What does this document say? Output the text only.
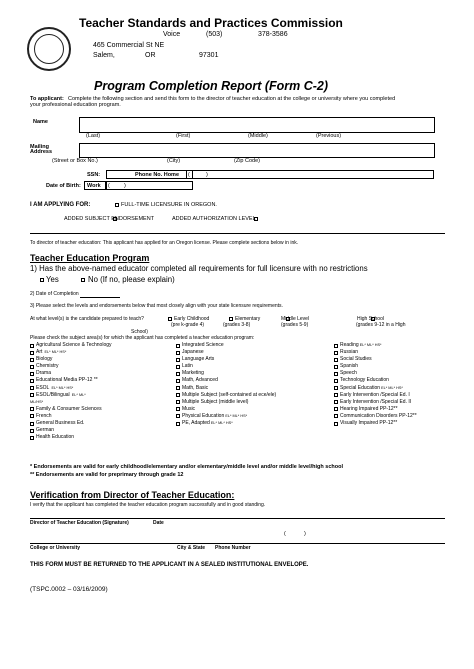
Teacher Standards and Practices Commission
Voice	(503)	378-3586
465 Commercial St NE
Salem,	OR	97301
Program Completion Report (Form C-2)
To applicant: Complete the following section and send this form to the director of teacher education at the college or university where you completed
your professional education program.
Name
(Last)	(First)	(Middle)	(Previous)
Mailing
Address
(Street or Box No.)	(City)	(Zip Code)
SSN:	Phone No. Home (	)
Date of Birth: Work (	)
I AM APPLYING FOR:	FULL-TIME LICENSURE IN OREGON.
ADDED SUBJECT ENDORSEMENT	ADDED AUTHORIZATION LEVEL
To director of teacher education: This applicant has applied for an Oregon license. Please complete sections below in ink.
Teacher Education Program
1) Has the above-named educator completed all requirements for full licensure with no restrictions
Yes	No (If no, please explain)
2) Date of Completion
3) Please select the levels and endorsements below that most closely align with your state licensure requirements.
At what level(s) is the candidate prepared to teach?	Early Childhood
(pre k-grade 4)
Elementary
(grades 3-8)
Middle Level
(grades 5-9)
High School
(grades 9-12 in a High
School)
Please check the subject area(s) for which the applicant has completed a teacher education program:
Agricultural Science & Technology
Art EL* ML* HS*
Biology
Chemistry
Drama
Educational Media PP-12 **
ESOL EL* ML* HS*
ESOL/Bilingual EL* ML*
ML/HS*
Family & Consumer Sciences
French
General Business Ed.
German
Health Education
Integrated Science
Japanese
Language Arts
Latin
Marketing
Math, Advanced
Math, Basic
Multiple Subject (self-contained at ece/ele)
Multiple Subject (middle level)
Music
Physical Education EL* ML* HS*
PE, Adapted EL* ML* HS*
Reading EL* ML* HS*
Russian
Social Studies
Spanish
Speech
Technology Education
Special Education EL* ML* HS*
Early Intervention /Special Ed. I
Early Intervention /Special Ed. II
Hearing Impaired PP-12**
Communication Disorders PP-12**
Visually Impaired PP-12**
* Endorsements are valid for early childhood/elementary and/or elementary/middle level and/or middle level/high school
** Endorsements are valid for preprimary through grade 12
Verification from Director of Teacher Education:
I verify that the applicant has completed the teacher education program successfully and in good standing.
Director of Teacher Education (Signature)	Date
(	)
College or University	City & State Phone Number
THIS FORM MUST BE RETURNED TO THE APPLICANT IN A SEALED INSTITUTIONAL ENVELOPE.
(TSPC.0002 – 03/16/2009)
